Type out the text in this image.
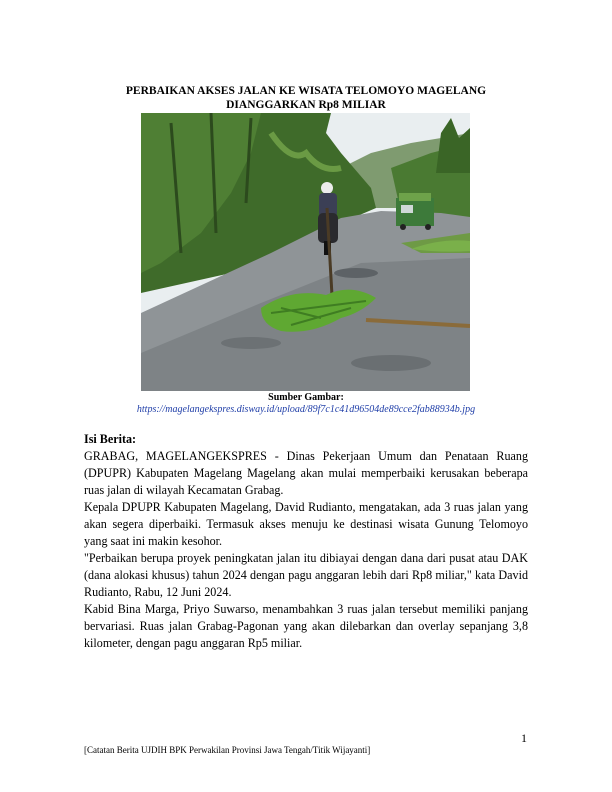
PERBAIKAN AKSES JALAN KE WISATA TELOMOYO MAGELANG
DIANGGARKAN Rp8 MILIAR
Sumber Gambar:
https://magelangekspres.disway.id/upload/89f7c1c41d96504de89cce2fab88934b.jpg

Isi Berita:

GRABAG, MAGELANGEKSPRES - Dinas Pekerjaan Umum dan Penataan Ruang (DPUPR) Kabupaten Magelang Magelang akan mulai memperbaiki kerusakan beberapa ruas jalan di wilayah Kecamatan Grabag.

Kepala DPUPR Kabupaten Magelang, David Rudianto, mengatakan, ada 3 ruas jalan yang akan segera diperbaiki. Termasuk akses menuju ke destinasi wisata Gunung Telomoyo yang saat ini makin kesohor.

"Perbaikan berupa proyek peningkatan jalan itu dibiayai dengan dana dari pusat atau DAK (dana alokasi khusus) tahun 2024 dengan pagu anggaran lebih dari Rp8 miliar," kata David Rudianto, Rabu, 12 Juni 2024.

Kabid Bina Marga, Priyo Suwarso, menambahkan 3 ruas jalan tersebut memiliki panjang bervariasi. Ruas jalan Grabag-Pagonan yang akan dilebarkan dan overlay sepanjang 3,8 kilometer, dengan pagu anggaran Rp5 miliar.

1
[Catatan Berita UJDIH BPK Perwakilan Provinsi Jawa Tengah/Titik Wijayanti]
